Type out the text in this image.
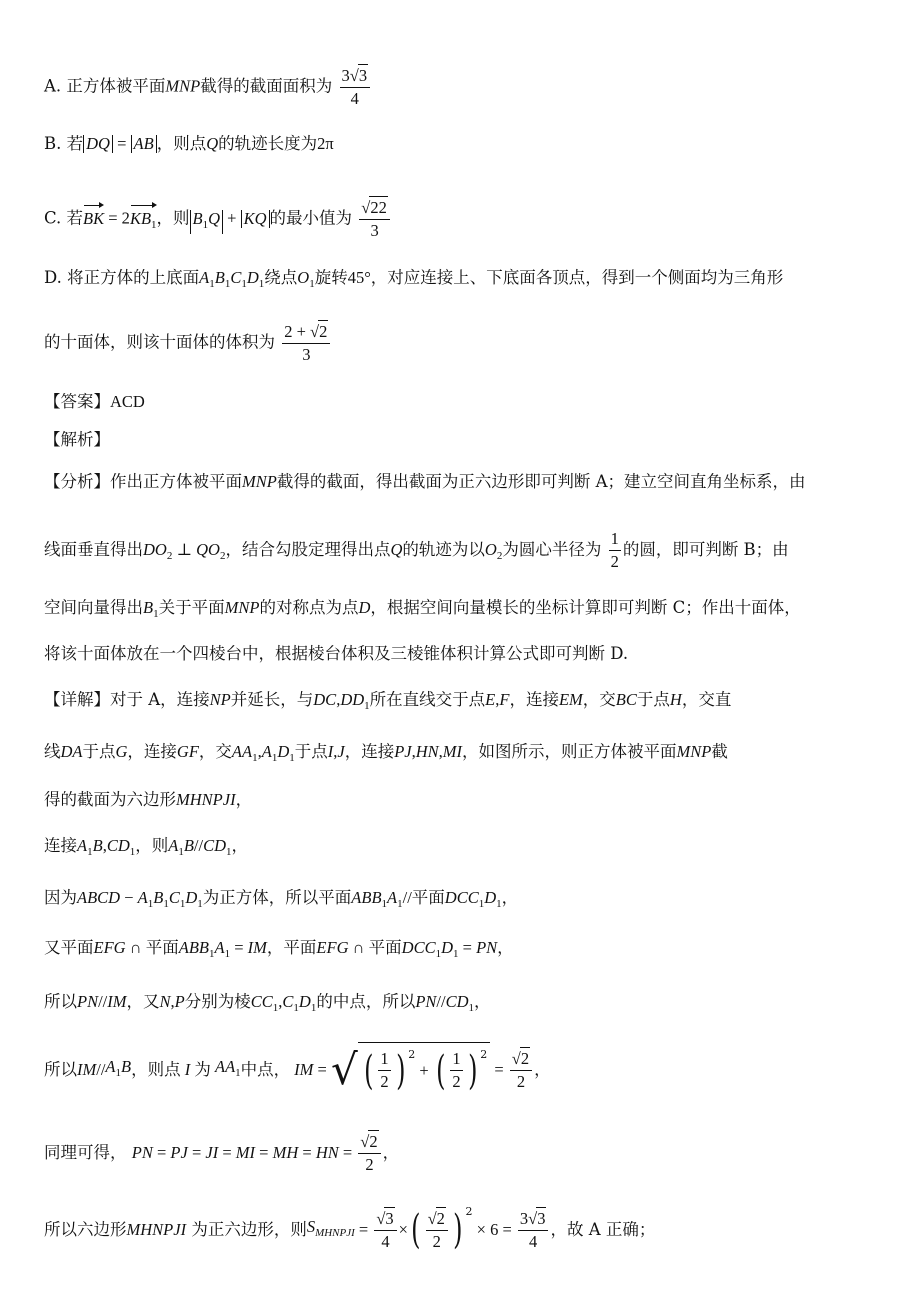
A. 正方体被平面MNP截得的截面面积为 $\frac{3√3}{4}$
B. 若 DQ = AB ，则点Q的轨迹长度为2π
C. 若BK = $2KB_1$，则 $B_1Q$ + KQ 的最小值为 $\frac{√22}{3}$
D. 将正方体的上底面$A_1B_1C_1D_1$绕点$O_1$旋转45°，对应连接上、下底面各顶点，得到一个侧面均为三角形
的十面体，则该十面体的体积为 $\frac{2 + √2}{3}$
【答案】ACD
【解析】
【分析】作出正方体被平面MNP截得的截面，得出截面为正六边形即可判断 A；建立空间直角坐标系，由
线面垂直得出$DO_2$ ⊥ $QO_2$，结合勾股定理得出点Q的轨迹为以$O_2$为圆心半径为 $\frac{1}{2}$ 的圆，即可判断 B；由
空间向量得出$B_1$关于平面MNP的对称点为点D，根据空间向量模长的坐标计算即可判断 C；作出十面体，
将该十面体放在一个四棱台中，根据棱台体积及三棱锥体积计算公式即可判断 D.
【详解】对于 A，连接NP并延长，与$DC,DD_1$所在直线交于点E,F，连接EM，交BC于点H，交直
线DA于点G，连接GF，交$AA_1,A_1D_1$于点I,J，连接PJ,HN,MI，如图所示，则正方体被平面MNP截
得的截面为六边形MHNPJI，
连接$A_1B,CD_1$，则$A_1B//CD_1$，
因为ABCD − $A_1B_1C_1D_1$为正方体，所以平面$ABB_1A_1//$平面$DCC_1D_1$，
又平面EFG ∩ 平面$ABB_1A_1$ = IM，平面EFG ∩ 平面$DCC_1D_1$ = PN，
所以PN//IM，又N,P分别为棱$CC_1,C_1D_1$的中点，所以$PN//CD_1$，
所以 IM // $A_1B$ ，则点 I 为 $AA_1$ 中点， IM = √ ( $\frac{1}{2}$ ) $^2$
+ ( $\frac{1}{2}$ ) $^2$
= $\frac{√2}{2}$ ，
同理可得，
PN = PJ = JI = MI = MH = HN = $\frac{√2}{2}$ ，
所以六边形 MHNPJI
为正六边形，则 $S_{MHNPJI} = \frac{√3}{4}$ × ( $\frac{√2}{2}$ ) $^2$
× $6 = \frac{3√3}{4}$ ，故 A 正确；
